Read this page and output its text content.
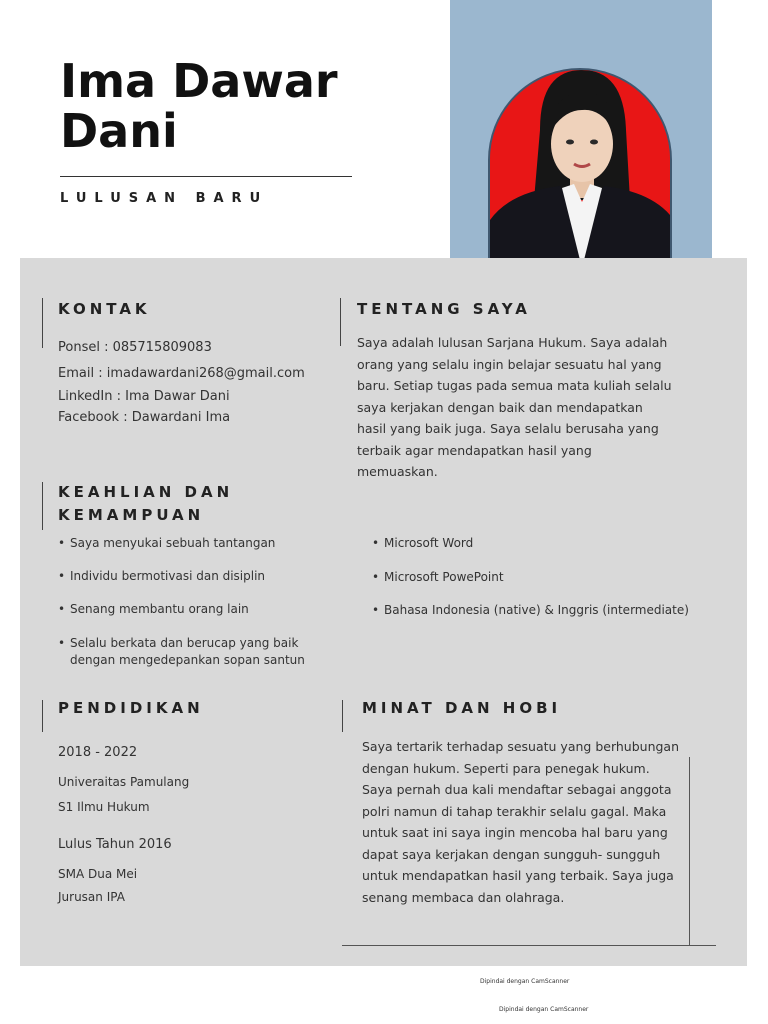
Ima Dawar Dani
LULUSAN BARU
KONTAK
Ponsel : 085715809083
Email : imadawardani268@gmail.com
LinkedIn : Ima Dawar Dani
Facebook : Dawardani Ima
TENTANG SAYA
Saya adalah lulusan Sarjana Hukum. Saya adalah orang yang selalu ingin belajar sesuatu hal yang baru. Setiap tugas pada semua mata kuliah selalu saya kerjakan dengan baik dan mendapatkan hasil yang baik juga. Saya selalu berusaha yang terbaik agar mendapatkan hasil yang memuaskan.
KEAHLIAN DAN KEMAMPUAN
• Saya menyukai sebuah tantangan
• Individu bermotivasi dan disiplin
• Senang membantu orang lain
• Selalu berkata dan berucap yang baik dengan mengedepankan sopan santun
• Microsoft Word
• Microsoft PowePoint
• Bahasa Indonesia (native) & Inggris (intermediate)
PENDIDIKAN
2018 - 2022
Univeraitas Pamulang
S1 Ilmu Hukum
Lulus Tahun 2016
SMA Dua Mei
Jurusan IPA
MINAT DAN HOBI
Saya tertarik terhadap sesuatu yang berhubungan dengan hukum. Seperti para penegak hukum. Saya pernah dua kali mendaftar sebagai anggota polri namun di tahap terakhir selalu gagal. Maka untuk saat ini saya ingin mencoba hal baru yang dapat saya kerjakan dengan sungguh- sungguh untuk mendapatkan hasil yang terbaik. Saya juga senang membaca dan olahraga.
Dipindai dengan CamScanner
Dipindai dengan CamScanner
